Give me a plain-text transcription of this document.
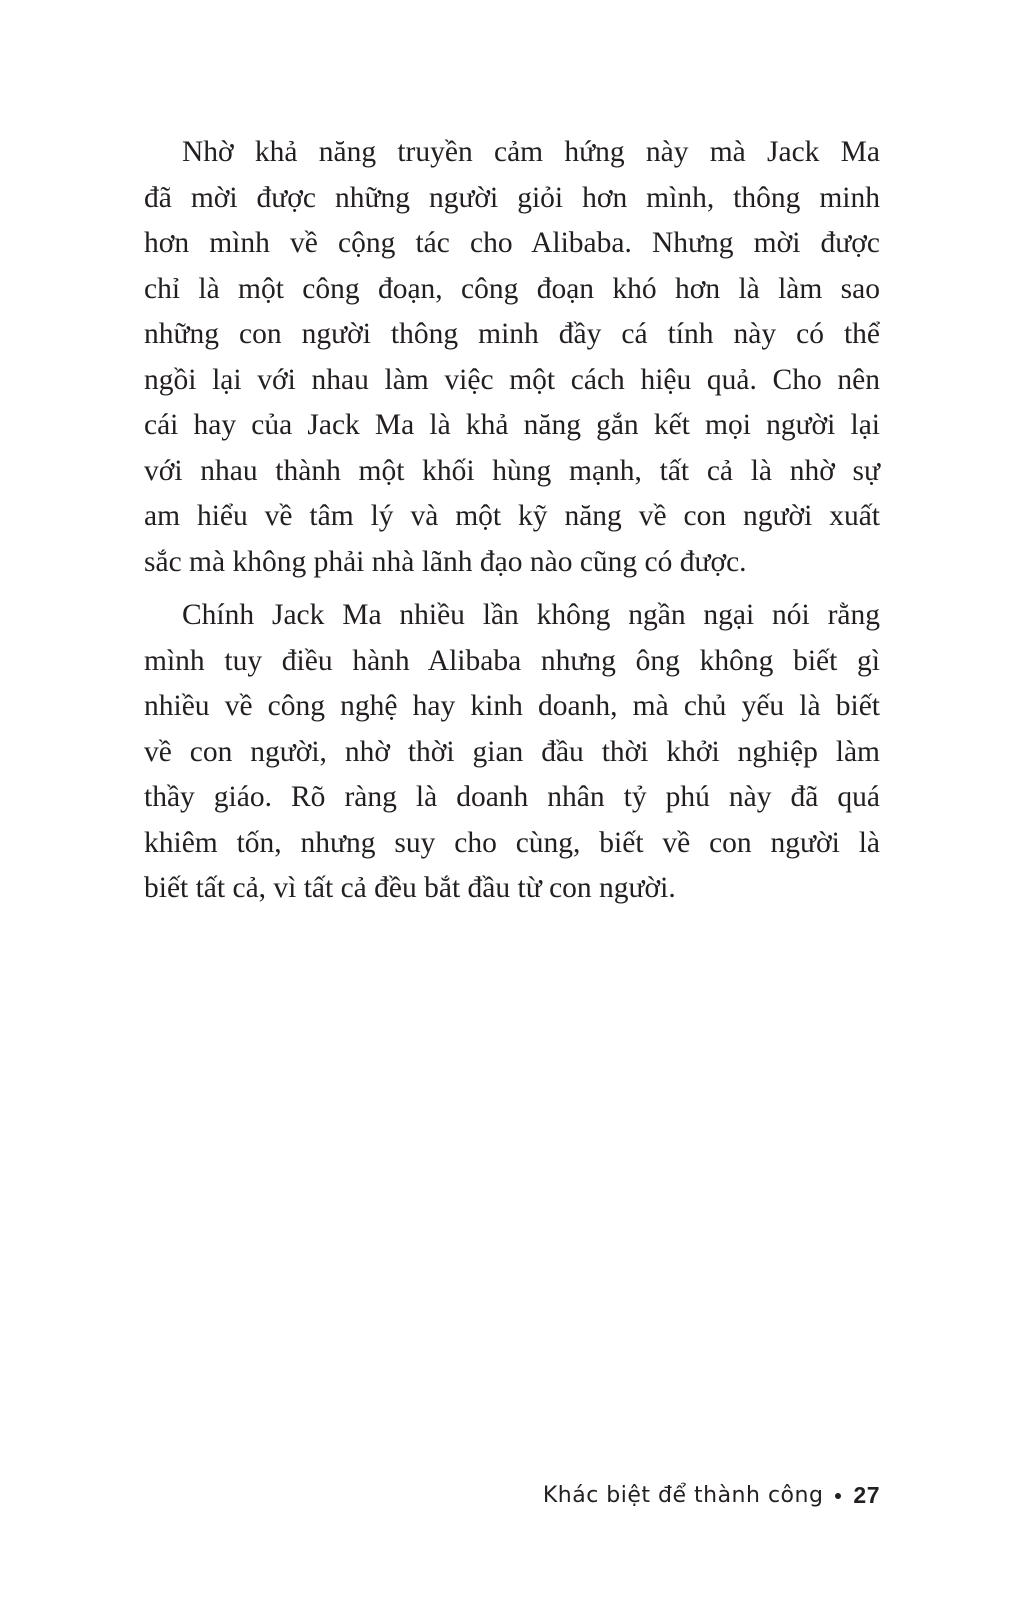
Nhờ khả năng truyền cảm hứng này mà Jack Ma
đã mời được những người giỏi hơn mình, thông minh
hơn mình về cộng tác cho Alibaba. Nhưng mời được
chỉ là một công đoạn, công đoạn khó hơn là làm sao
những con người thông minh đầy cá tính này có thể
ngồi lại với nhau làm việc một cách hiệu quả. Cho nên
cái hay của Jack Ma là khả năng gắn kết mọi người lại
với nhau thành một khối hùng mạnh, tất cả là nhờ sự
am hiểu về tâm lý và một kỹ năng về con người xuất
sắc mà không phải nhà lãnh đạo nào cũng có được.
Chính Jack Ma nhiều lần không ngần ngại nói rằng
mình tuy điều hành Alibaba nhưng ông không biết gì
nhiều về công nghệ hay kinh doanh, mà chủ yếu là biết
về con người, nhờ thời gian đầu thời khởi nghiệp làm
thầy giáo. Rõ ràng là doanh nhân tỷ phú này đã quá
khiêm tốn, nhưng suy cho cùng, biết về con người là
biết tất cả, vì tất cả đều bắt đầu từ con người.
Khác biệt để thành công 27
